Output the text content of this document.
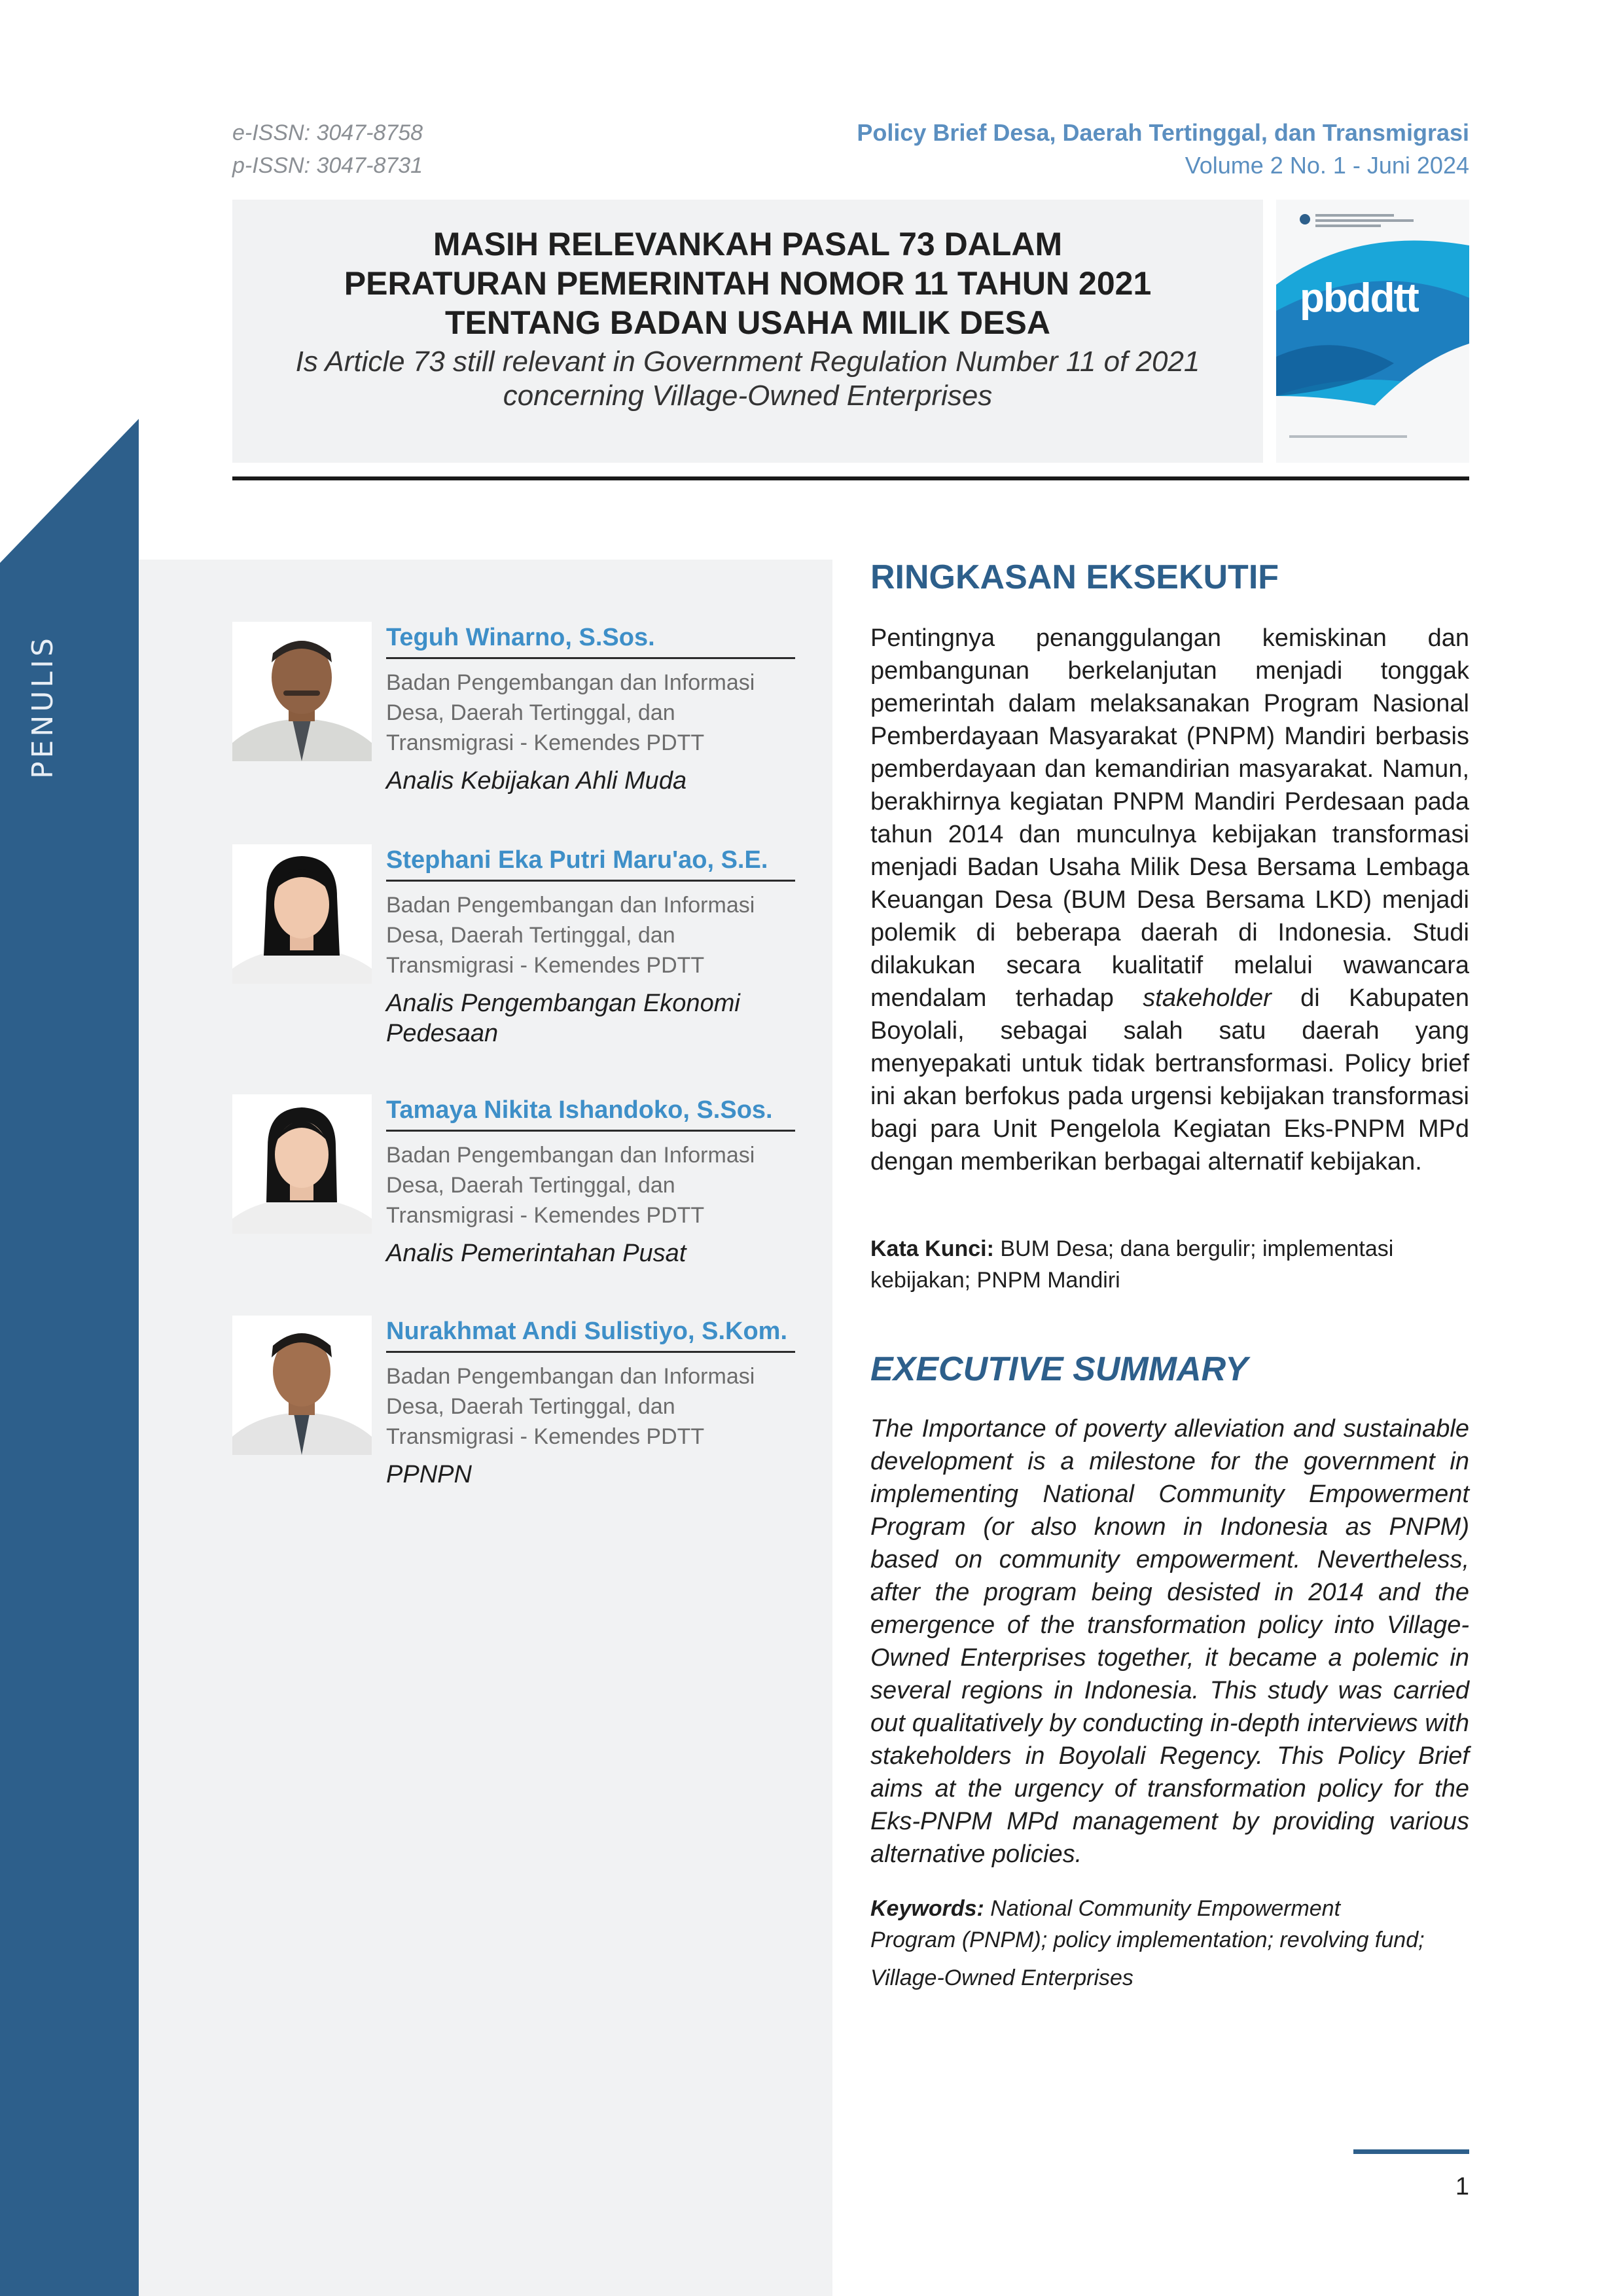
PENULIS
e-ISSN: 3047-8758
p-ISSN: 3047-8731
Policy Brief Desa, Daerah Tertinggal, dan Transmigrasi
Volume 2 No. 1 - Juni 2024
MASIH RELEVANKAH PASAL 73 DALAM
PERATURAN PEMERINTAH NOMOR 11 TAHUN 2021
TENTANG BADAN USAHA MILIK DESA
Is Article 73 still relevant in Government Regulation Number 11 of 2021
concerning Village-Owned Enterprises
pbddtt
Teguh Winarno, S.Sos.
Badan Pengembangan dan Informasi
Desa, Daerah Tertinggal, dan
Transmigrasi - Kemendes PDTT
Analis Kebijakan Ahli Muda
Stephani Eka Putri Maru'ao, S.E.
Badan Pengembangan dan Informasi
Desa, Daerah Tertinggal, dan
Transmigrasi - Kemendes PDTT
Analis Pengembangan Ekonomi
Pedesaan
Tamaya Nikita Ishandoko, S.Sos.
Badan Pengembangan dan Informasi
Desa, Daerah Tertinggal, dan
Transmigrasi - Kemendes PDTT
Analis Pemerintahan Pusat
Nurakhmat Andi Sulistiyo, S.Kom.
Badan Pengembangan dan Informasi
Desa, Daerah Tertinggal, dan
Transmigrasi - Kemendes PDTT
PPNPN
RINGKASAN EKSEKUTIF
Pentingnya penanggulangan kemiskinan dan pembangunan berkelanjutan menjadi tonggak pemerintah dalam melaksanakan Program Nasional Pemberdayaan Masyarakat (PNPM) Mandiri berbasis pemberdayaan dan kemandirian masyarakat. Namun, berakhirnya kegiatan PNPM Mandiri Perdesaan pada tahun 2014 dan munculnya kebijakan transformasi menjadi Badan Usaha Milik Desa Bersama Lembaga Keuangan Desa (BUM Desa Bersama LKD) menjadi polemik di beberapa daerah di Indonesia. Studi dilakukan secara kualitatif melalui wawancara mendalam terhadap stakeholder di Kabupaten Boyolali, sebagai salah satu daerah yang menyepakati untuk tidak bertransformasi. Policy brief ini akan berfokus pada urgensi kebijakan transformasi bagi para Unit Pengelola Kegiatan Eks-PNPM MPd dengan memberikan berbagai alternatif kebijakan.
Kata Kunci: BUM Desa; dana bergulir; implementasi kebijakan; PNPM Mandiri
EXECUTIVE SUMMARY
The Importance of poverty alleviation and sustainable development is a milestone for the government in implementing National Community Empowerment Program (or also known in Indonesia as PNPM) based on community empowerment. Nevertheless, after the program being desisted in 2014 and the emergence of the transformation policy into Village-Owned Enterprises together, it became a polemic in several regions in Indonesia. This study was carried out qualitatively by conducting in-depth interviews with stakeholders in Boyolali Regency. This Policy Brief aims at the urgency of transformation policy for the Eks-PNPM MPd management by providing various alternative policies.
Keywords: National Community Empowerment
Program (PNPM); policy implementation; revolving fund;
Village-Owned Enterprises
1
